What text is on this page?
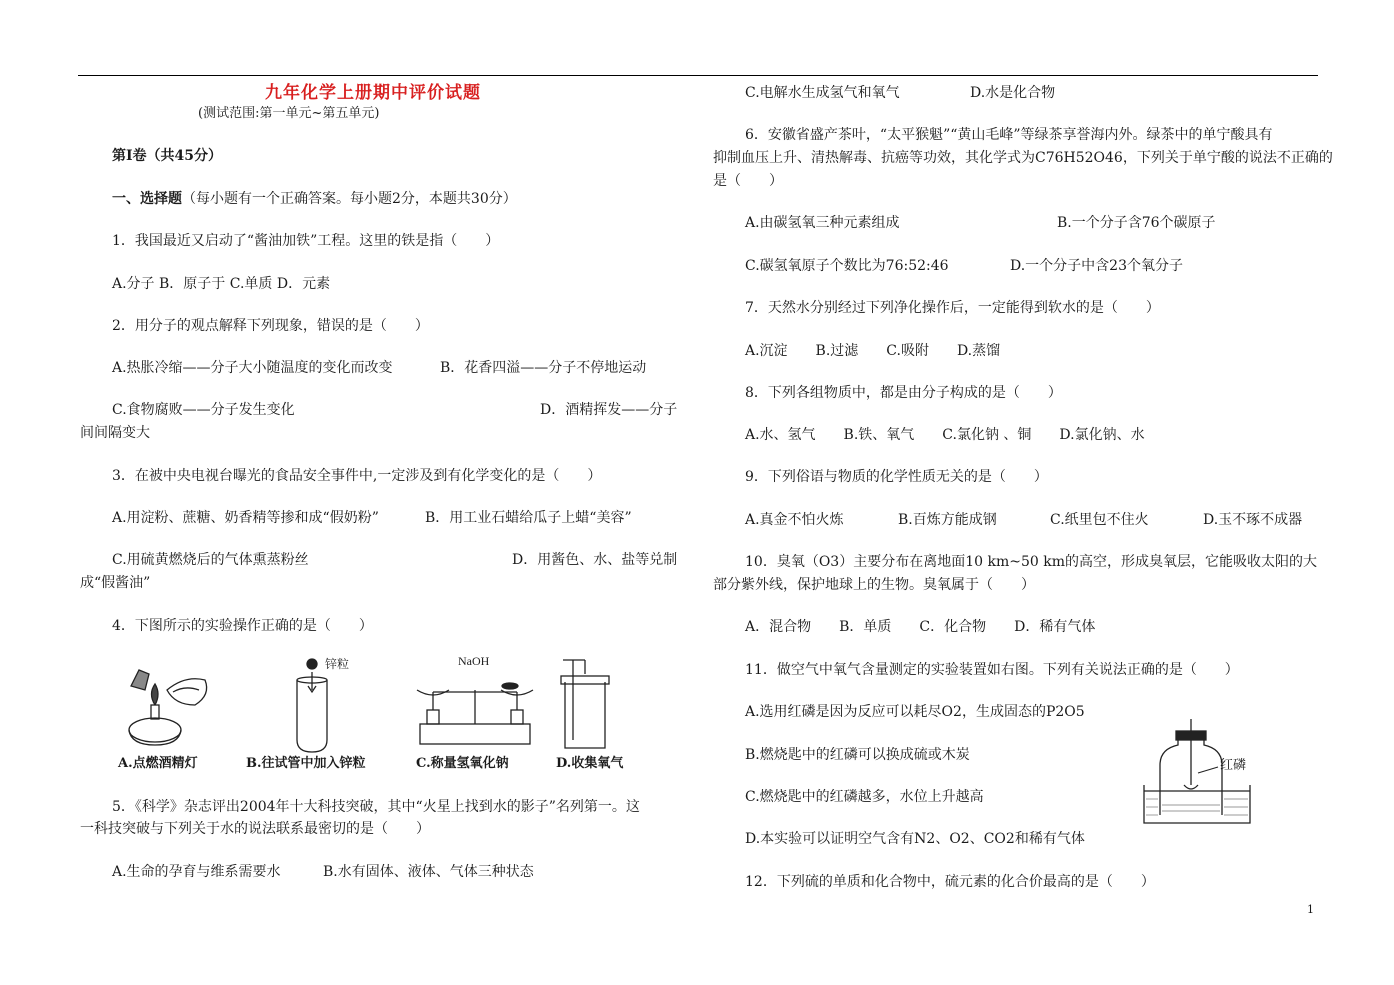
九年化学上册期中评价试题
(测试范围:第一单元~第五单元)
第Ⅰ卷（共45分）
一、选择题（每小题有一个正确答案。每小题2分，本题共30分）
1．我国最近又启动了“酱油加铁”工程。这里的铁是指（　　）
A.分子 B．原子于 C.单质 D．元素
2．用分子的观点解释下列现象，错误的是（　　）
A.热胀冷缩——分子大小随温度的变化而改变	B．花香四溢——分子不停地运动
C.食物腐败——分子发生变化	D．酒精挥发——分子
间间隔变大
3．在被中央电视台曝光的食品安全事件中,一定涉及到有化学变化的是（　　）
A.用淀粉、蔗糖、奶香精等掺和成“假奶粉”	B．用工业石蜡给瓜子上蜡“美容”
C.用硫黄燃烧后的气体熏蒸粉丝	D．用酱色、水、盐等兑制
成“假酱油”
4．下图所示的实验操作正确的是（　　）
锌粒	NaOH
A.点燃酒精灯	B.往试管中加入锌粒	C.称量氢氧化钠	D.收集氧气
5．《科学》杂志评出2004年十大科技突破，其中“火星上找到水的影子”名列第一。这
一科技突破与下列关于水的说法联系最密切的是（　　）
A.生命的孕育与维系需要水	B.水有固体、液体、气体三种状态
C.电解水生成氢气和氧气	D.水是化合物
6．安徽省盛产茶叶，“太平猴魁”“黄山毛峰”等绿茶享誉海内外。绿茶中的单宁酸具有
抑制血压上升、清热解毒、抗癌等功效，其化学式为C76H52O46，下列关于单宁酸的说法不正确的
是（　　）
A.由碳氢氧三种元素组成	B.一个分子含76个碳原子
C.碳氢氧原子个数比为76:52:46	D.一个分子中含23个氧分子
7．天然水分别经过下列净化操作后，一定能得到软水的是（　　）
A.沉淀　　B.过滤　　C.吸附　　D.蒸馏
8．下列各组物质中，都是由分子构成的是（　　）
A.水、氢气　　B.铁、氧气　　C.氯化钠 、铜　　D.氯化钠、水
9．下列俗语与物质的化学性质无关的是（　　）
A.真金不怕火炼	B.百炼方能成钢	C.纸里包不住火	D.玉不琢不成器
10．臭氧（O3）主要分布在离地面10 km~50 km的高空，形成臭氧层，它能吸收太阳的大
部分紫外线，保护地球上的生物。臭氧属于（　　）
A．混合物　　B．单质　　C．化合物　　D．稀有气体
11．做空气中氧气含量测定的实验装置如右图。下列有关说法正确的是（　　）
A.选用红磷是因为反应可以耗尽O2，生成固态的P2O5
B.燃烧匙中的红磷可以换成硫或木炭
C.燃烧匙中的红磷越多，水位上升越高
D.本实验可以证明空气含有N2、O2、CO2和稀有气体
红磷
12．下列硫的单质和化合物中，硫元素的化合价最高的是（　　）
1
